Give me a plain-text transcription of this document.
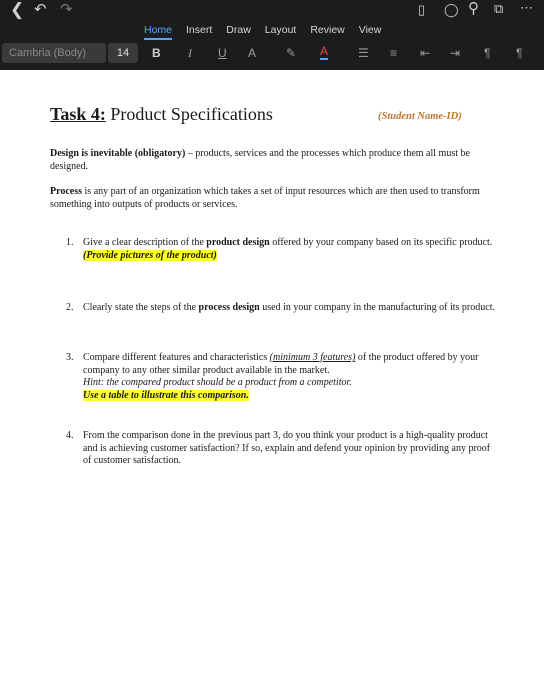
❮ ↶ ↷	▯ ◯ ⚲ ⧉ ⋯
Home Insert Draw Layout Review View
Cambria (Body)	14	B I U A ✎ A ☰ ≡ ⇤ ⇥ ¶ ¶
Task 4: Product Specifications	(Student Name-ID)
Design is inevitable (obligatory) – products, services and the processes which produce them all must be designed.
Process is any part of an organization which takes a set of input resources which are then used to transform something into outputs of products or services.
1. Give a clear description of the product design offered by your company based on its specific product.
(Provide pictures of the product)
2. Clearly state the steps of the process design used in your company in the manufacturing of its product.
3. Compare different features and characteristics (minimum 3 features) of the product offered by your company to any other similar product available in the market.
Hint: the compared product should be a product from a competitor.
Use a table to illustrate this comparison.
4. From the comparison done in the previous part 3, do you think your product is a high-quality product and is achieving customer satisfaction? If so, explain and defend your opinion by providing any proof of customer satisfaction.
